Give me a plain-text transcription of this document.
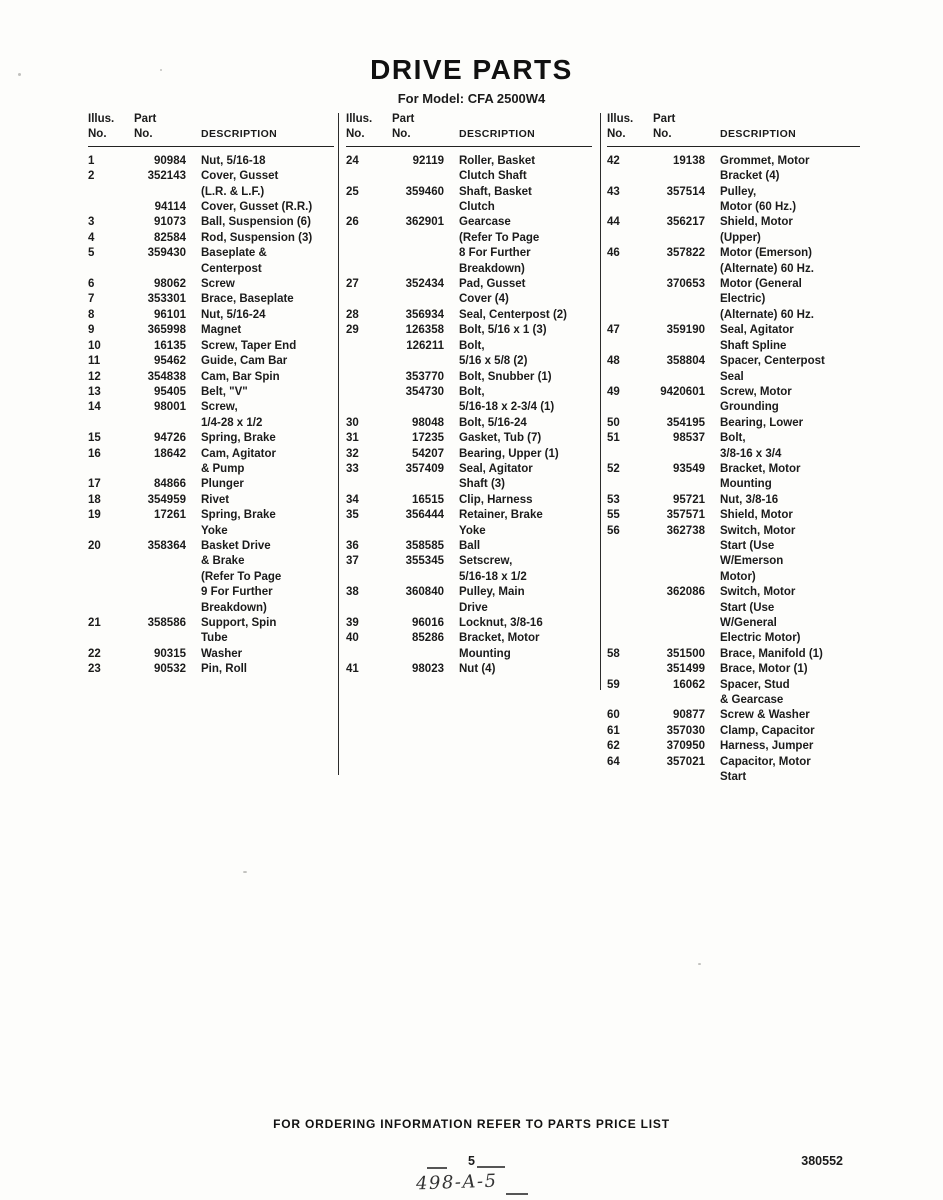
DRIVE PARTS
For Model: CFA 2500W4
Illus.	Part
No.	No.	DESCRIPTION
1	90984 Nut, 5/16-18
2	352143 Cover, Gusset
(L.R. & L.F.)
94114 Cover, Gusset (R.R.)
3	91073 Ball, Suspension (6)
4	82584 Rod, Suspension (3)
5	359430 Baseplate &
Centerpost
6	98062 Screw
7	353301 Brace, Baseplate
8	96101 Nut, 5/16-24
9	365998 Magnet
10	16135 Screw, Taper End
11	95462 Guide, Cam Bar
12	354838 Cam, Bar Spin
13	95405 Belt, "V"
14	98001 Screw,
1/4-28 x 1/2
15	94726 Spring, Brake
16	18642 Cam, Agitator
& Pump
17	84866 Plunger
18	354959 Rivet
19	17261 Spring, Brake
Yoke
20	358364 Basket Drive
& Brake
(Refer To Page
9 For Further
Breakdown)
21	358586 Support, Spin
Tube
22	90315 Washer
23	90532 Pin, Roll
Illus.	Part
No.	No.	DESCRIPTION
24	92119 Roller, Basket
Clutch Shaft
25	359460 Shaft, Basket
Clutch
26	362901 Gearcase
(Refer To Page
8 For Further
Breakdown)
27	352434 Pad, Gusset
Cover (4)
28	356934 Seal, Centerpost (2)
29	126358 Bolt, 5/16 x 1 (3)
126211 Bolt,
5/16 x 5/8 (2)
353770 Bolt, Snubber (1)
354730 Bolt,
5/16-18 x 2-3/4 (1)
30	98048 Bolt, 5/16-24
31	17235 Gasket, Tub (7)
32	54207 Bearing, Upper (1)
33	357409 Seal, Agitator
Shaft (3)
34	16515 Clip, Harness
35	356444 Retainer, Brake
Yoke
36	358585 Ball
37	355345 Setscrew,
5/16-18 x 1/2
38	360840 Pulley, Main
Drive
39	96016 Locknut, 3/8-16
40	85286 Bracket, Motor
Mounting
41	98023 Nut (4)
Illus.	Part
No.	No.	DESCRIPTION
42	19138 Grommet, Motor
Bracket (4)
43	357514 Pulley,
Motor (60 Hz.)
44	356217 Shield, Motor
(Upper)
46	357822 Motor (Emerson)
(Alternate) 60 Hz.
370653 Motor (General
Electric)
(Alternate) 60 Hz.
47	359190 Seal, Agitator
Shaft Spline
48	358804 Spacer, Centerpost
Seal
49	9420601 Screw, Motor
Grounding
50	354195 Bearing, Lower
51	98537 Bolt,
3/8-16 x 3/4
52	93549 Bracket, Motor
Mounting
53	95721 Nut, 3/8-16
55	357571 Shield, Motor
56	362738 Switch, Motor
Start (Use
W/Emerson
Motor)
362086 Switch, Motor
Start (Use
W/General
Electric Motor)
58	351500 Brace, Manifold (1)
351499 Brace, Motor (1)
59	16062 Spacer, Stud
& Gearcase
60	90877 Screw & Washer
61	357030 Clamp, Capacitor
62	370950 Harness, Jumper
64	357021 Capacitor, Motor
Start
FOR ORDERING INFORMATION REFER TO PARTS PRICE LIST
5	380552
498-A-5
